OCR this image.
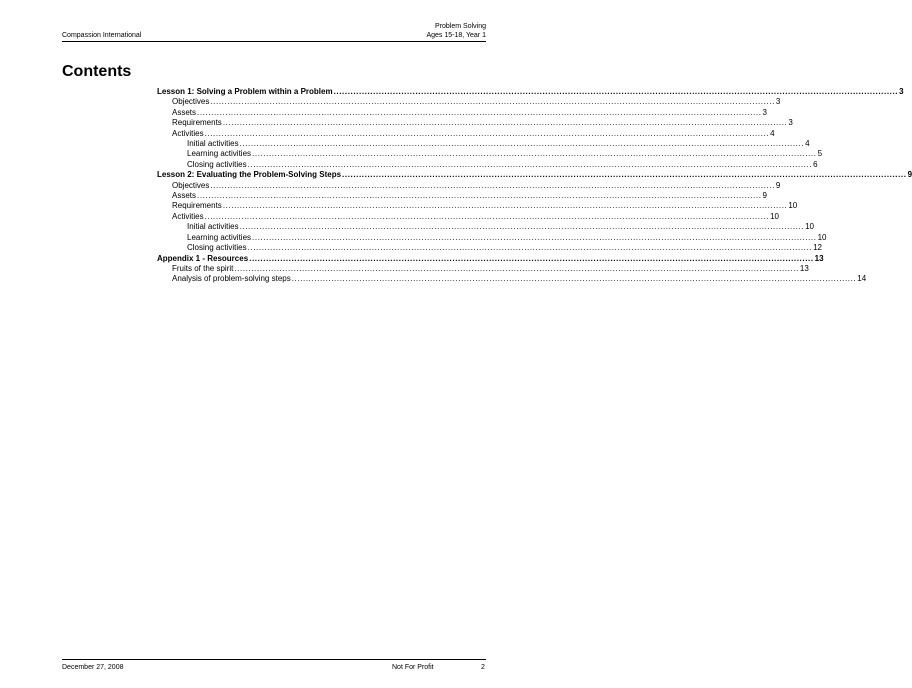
Compassion International
Problem Solving
Ages 15-18, Year 1
Contents
Lesson 1: Solving a Problem within a Problem ........................................................................................................................................................................................................ 3
Objectives ........................................................................................................................................................................................................ 3
Assets ........................................................................................................................................................................................................ 3
Requirements ........................................................................................................................................................................................................ 3
Activities ........................................................................................................................................................................................................ 4
Initial activities ........................................................................................................................................................................................................ 4
Learning activities ........................................................................................................................................................................................................ 5
Closing activities ........................................................................................................................................................................................................ 6
Lesson 2: Evaluating the Problem-Solving Steps ........................................................................................................................................................................................................ 9
Objectives ........................................................................................................................................................................................................ 9
Assets ........................................................................................................................................................................................................ 9
Requirements ........................................................................................................................................................................................................ 10
Activities ........................................................................................................................................................................................................ 10
Initial activities ........................................................................................................................................................................................................ 10
Learning activities ........................................................................................................................................................................................................ 10
Closing activities ........................................................................................................................................................................................................ 12
Appendix 1 - Resources ........................................................................................................................................................................................................ 13
Fruits of the spirit ........................................................................................................................................................................................................ 13
Analysis of problem-solving steps ........................................................................................................................................................................................................ 14
December 27, 2008	Not For Profit	2
